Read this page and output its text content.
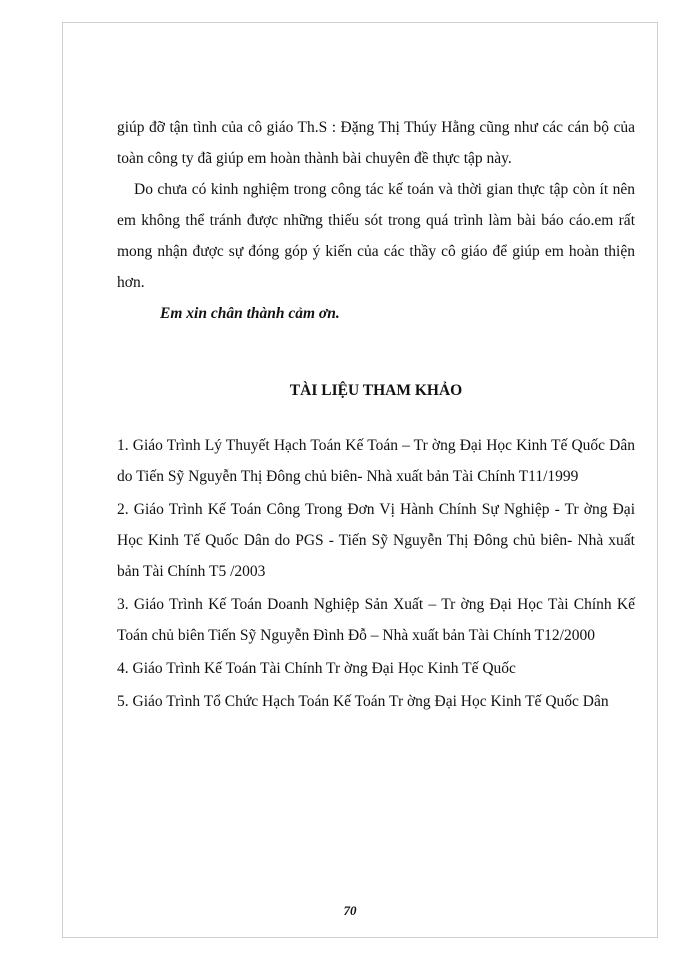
giúp đỡ tận tình của cô giáo Th.S : Đặng Thị Thúy Hằng cũng như các cán bộ của toàn công ty đã giúp em hoàn thành bài chuyên đề thực tập này.

Do chưa có kinh nghiệm trong công tác kế toán và thời gian thực tập còn ít nên em không thể tránh được những thiếu sót trong quá trình làm bài báo cáo.em rất mong nhận được sự đóng góp ý kiến của các thầy cô giáo để giúp em hoàn thiện hơn.

Em xin chân thành cảm ơn.

TÀI LIỆU THAM KHẢO
1. Giáo Trình Lý Thuyết Hạch Toán Kế Toán – Tr ờng Đại Học Kinh Tế Quốc Dân do Tiến Sỹ Nguyễn Thị Đông chủ biên- Nhà xuất bản Tài Chính T11/1999
2. Giáo Trình Kế Toán Công Trong Đơn Vị Hành Chính Sự Nghiệp - Tr ờng Đại Học Kinh Tế Quốc Dân do PGS - Tiến Sỹ Nguyễn Thị Đông chủ biên- Nhà xuất bản Tài Chính T5 /2003
3. Giáo Trình Kế Toán Doanh Nghiệp Sản Xuất – Tr ờng Đại Học Tài Chính Kế Toán chủ biên Tiến Sỹ Nguyễn Đình Đỗ – Nhà xuất bản Tài Chính T12/2000
4. Giáo Trình Kế Toán Tài Chính Tr ờng Đại Học Kinh Tế Quốc
5. Giáo Trình Tổ Chức Hạch Toán Kế Toán Tr ờng Đại Học Kinh Tế Quốc Dân
70
